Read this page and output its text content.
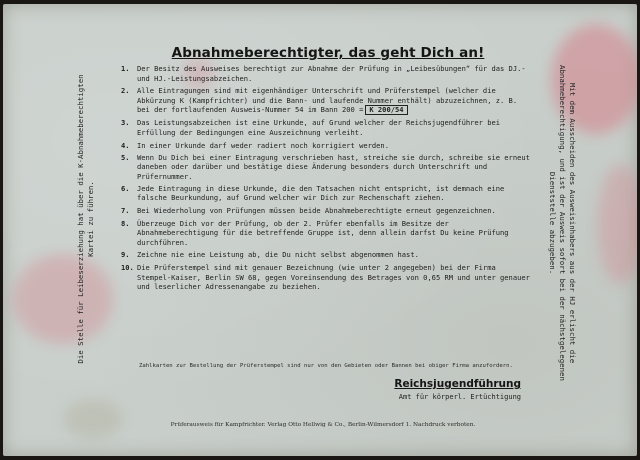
Abnahmeberechtigter, das geht Dich an!
1.	Der Besitz des Ausweises berechtigt zur Abnahme der Prüfung in „Leibesübungen“ für das DJ.- und HJ.-Leistungsabzeichen.
2.	Alle Eintragungen sind mit eigenhändiger Unterschrift und Prüferstempel (welcher die Abkürzung K (Kampfrichter) und die Bann- und laufende Nummer enthält) abzuzeichnen, z. B. bei der fortlaufenden Ausweis-Nummer 54 im Bann 200 = K 200/54
3.	Das Leistungsabzeichen ist eine Urkunde, auf Grund welcher der Reichsjugendführer bei Erfüllung der Bedingungen eine Auszeichnung verleiht.
4.	In einer Urkunde darf weder radiert noch korrigiert werden.
5.	Wenn Du Dich bei einer Eintragung verschrieben hast, streiche sie durch, schreibe sie erneut daneben oder darüber und bestätige diese Änderung besonders durch Unterschrift und Prüfernummer.
6.	Jede Eintragung in diese Urkunde, die den Tatsachen nicht entspricht, ist demnach eine falsche Beurkundung, auf Grund welcher wir Dich zur Rechenschaft ziehen.
7.	Bei Wiederholung von Prüfungen müssen beide Abnahmeberechtigte erneut gegenzeichnen.
8.	Überzeuge Dich vor der Prüfung, ob der 2. Prüfer ebenfalls im Besitze der Abnahmeberechtigung für die betreffende Gruppe ist, denn allein darfst Du keine Prüfung durchführen.
9.	Zeichne nie eine Leistung ab, die Du nicht selbst abgenommen hast.
10. Die Prüferstempel sind mit genauer Bezeichnung (wie unter 2 angegeben) bei der Firma Stempel-Kaiser, Berlin SW 68, gegen Voreinsendung des Betrages von 0,65 RM und unter genauer und leserlicher Adressenangabe zu beziehen.
Zahlkarten zur Bestellung der Prüferstempel sind nur von den Gebieten oder Bannen bei obiger Firma anzufordern.
Reichsjugendführung
Amt für körperl. Ertüchtigung
Prüferausweis für Kampfrichter. Verlag Otto Hellwig & Co., Berlin-Wilmersdorf 1. Nachdruck verboten.
Die Stelle für Leibeserziehung hat über die K-Abnahmeberechtigten Kartei zu führen.	Mit dem Ausscheiden des Ausweisinhabers aus der HJ erlischt die
Abnahmeberechtigung, und ist der Ausweis sofort bei der nächstgelegenen
Dienststelle abzugeben.
